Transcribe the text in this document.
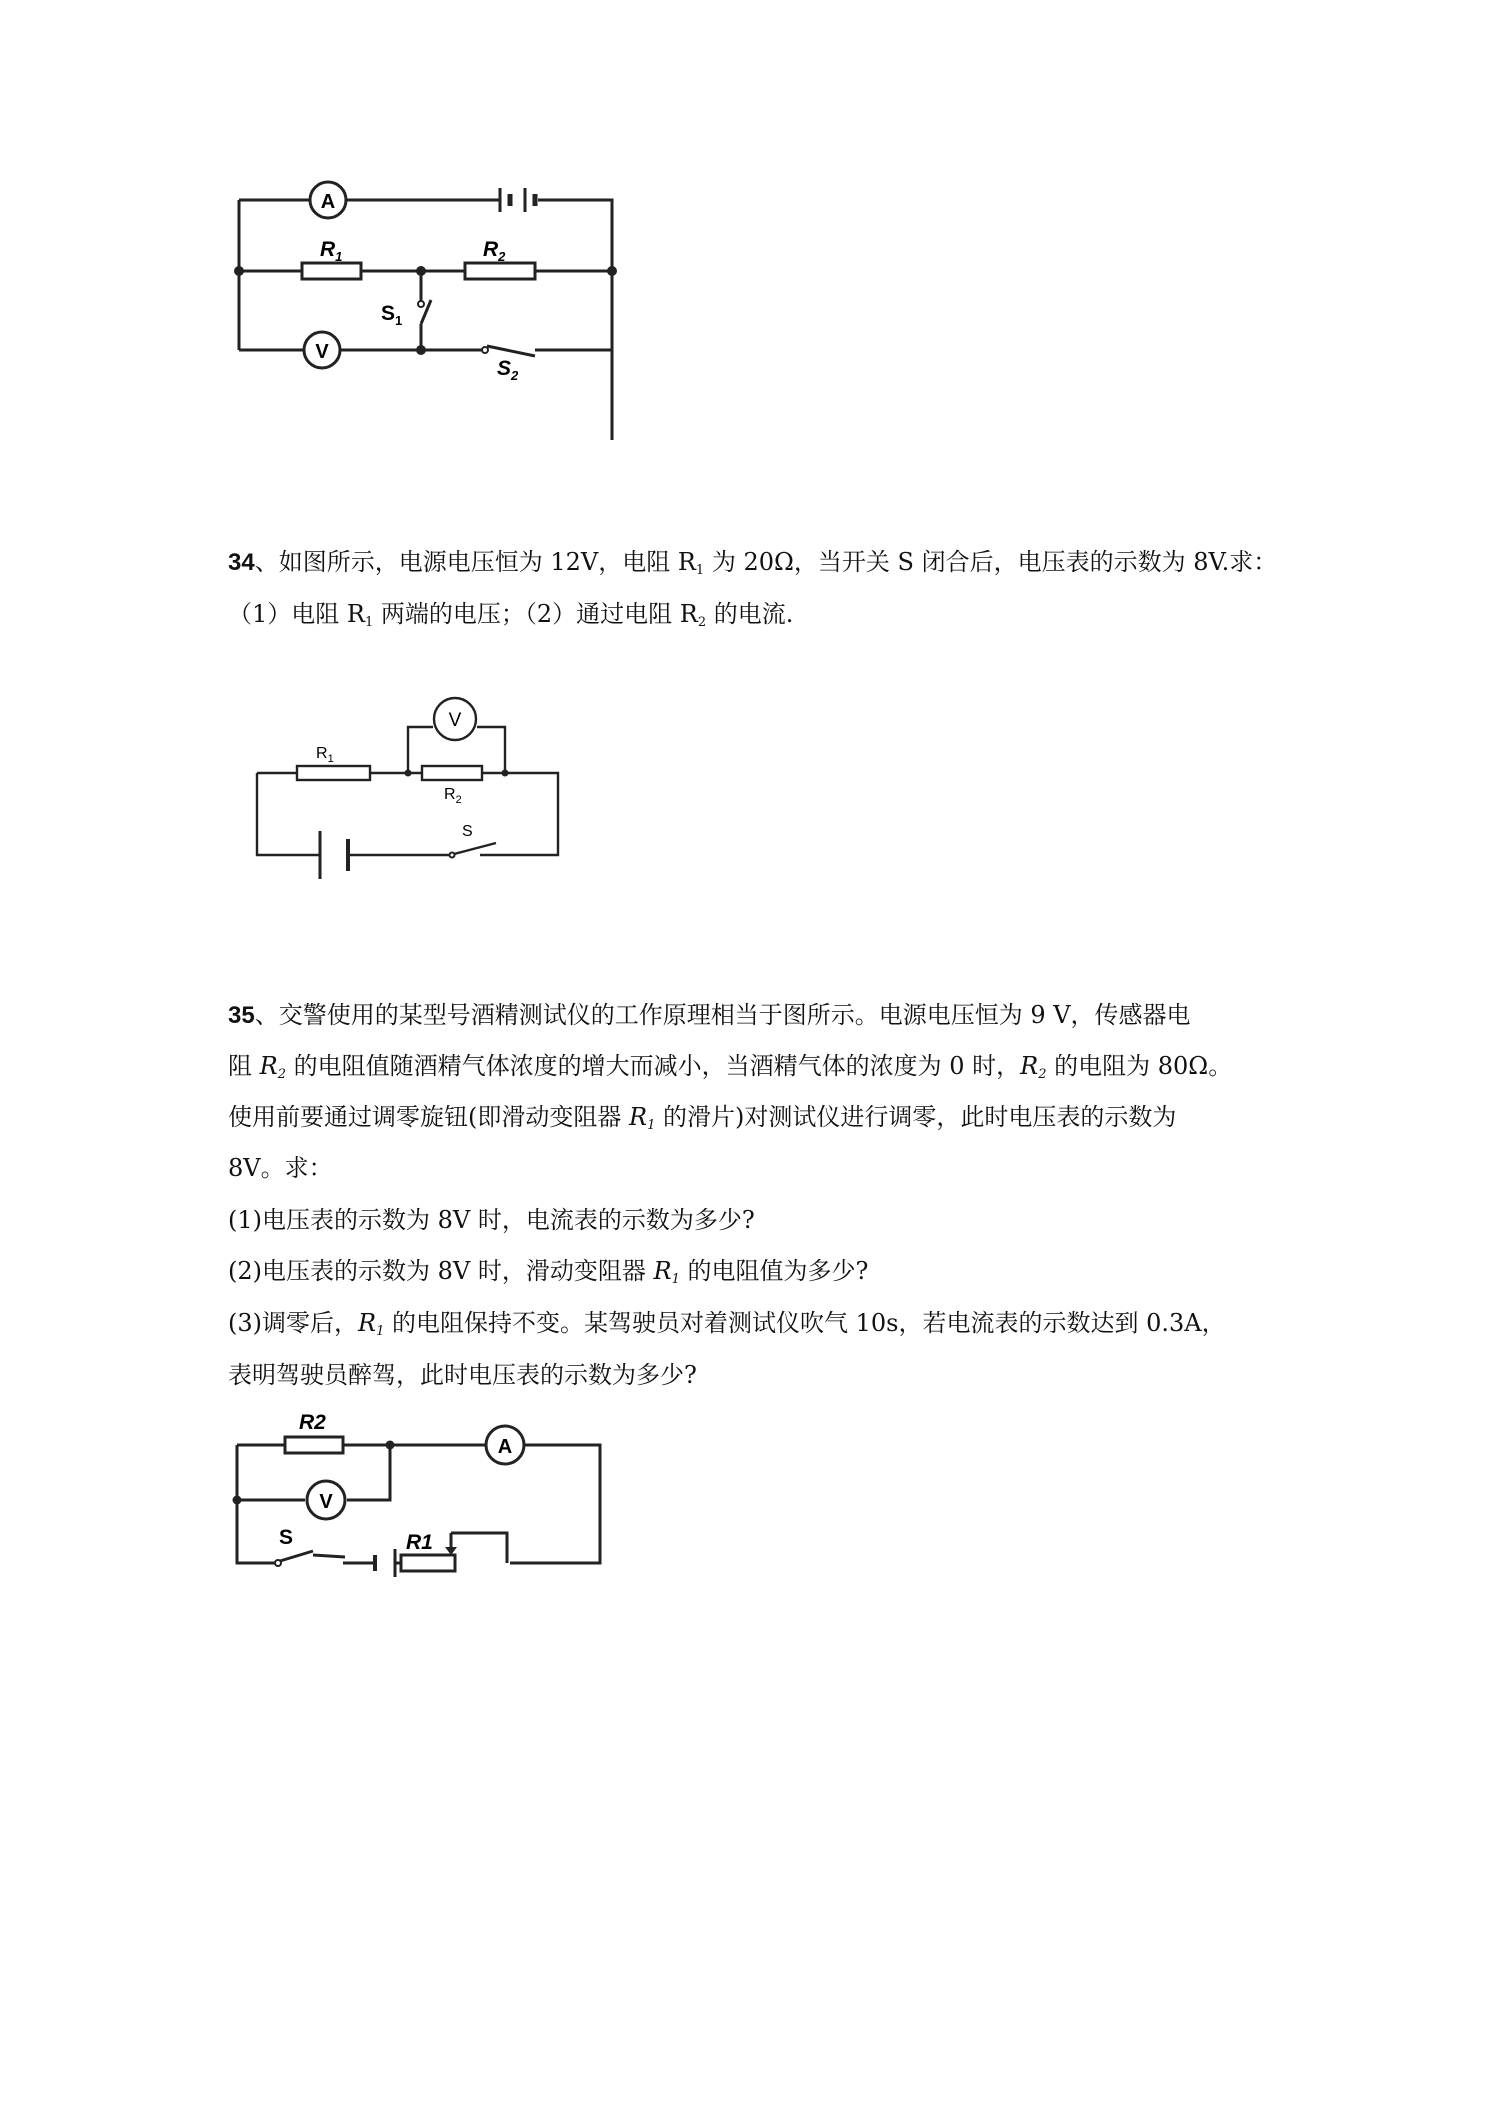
A
$R_1$	$R_2$
$S_1$
V
$S_2$
34、如图所示，电源电压恒为 12V，电阻 $R_1$ 为 20Ω，当开关 S 闭合后，电压表的示数为 8V.求：
（1）电阻 $R_1$ 两端的电压；（2）通过电阻 $R_2$ 的电流.
V
$R_1$
$R_2$
S
35、交警使用的某型号酒精测试仪的工作原理相当于图所示。电源电压恒为 9 V，传感器电
阻 $R_2$ 的电阻值随酒精气体浓度的增大而减小，当酒精气体的浓度为 0 时，$R_2$ 的电阻为 80Ω。
使用前要通过调零旋钮(即滑动变阻器 $R_1$ 的滑片)对测试仪进行调零，此时电压表的示数为
8V。求：
(1)电压表的示数为 8V 时，电流表的示数为多少?
(2)电压表的示数为 8V 时，滑动变阻器 $R_1$ 的电阻值为多少?
(3)调零后，$R_1$ 的电阻保持不变。某驾驶员对着测试仪吹气 10s，若电流表的示数达到 0.3A，
表明驾驶员醉驾，此时电压表的示数为多少?
R2
A
V
S	R1
